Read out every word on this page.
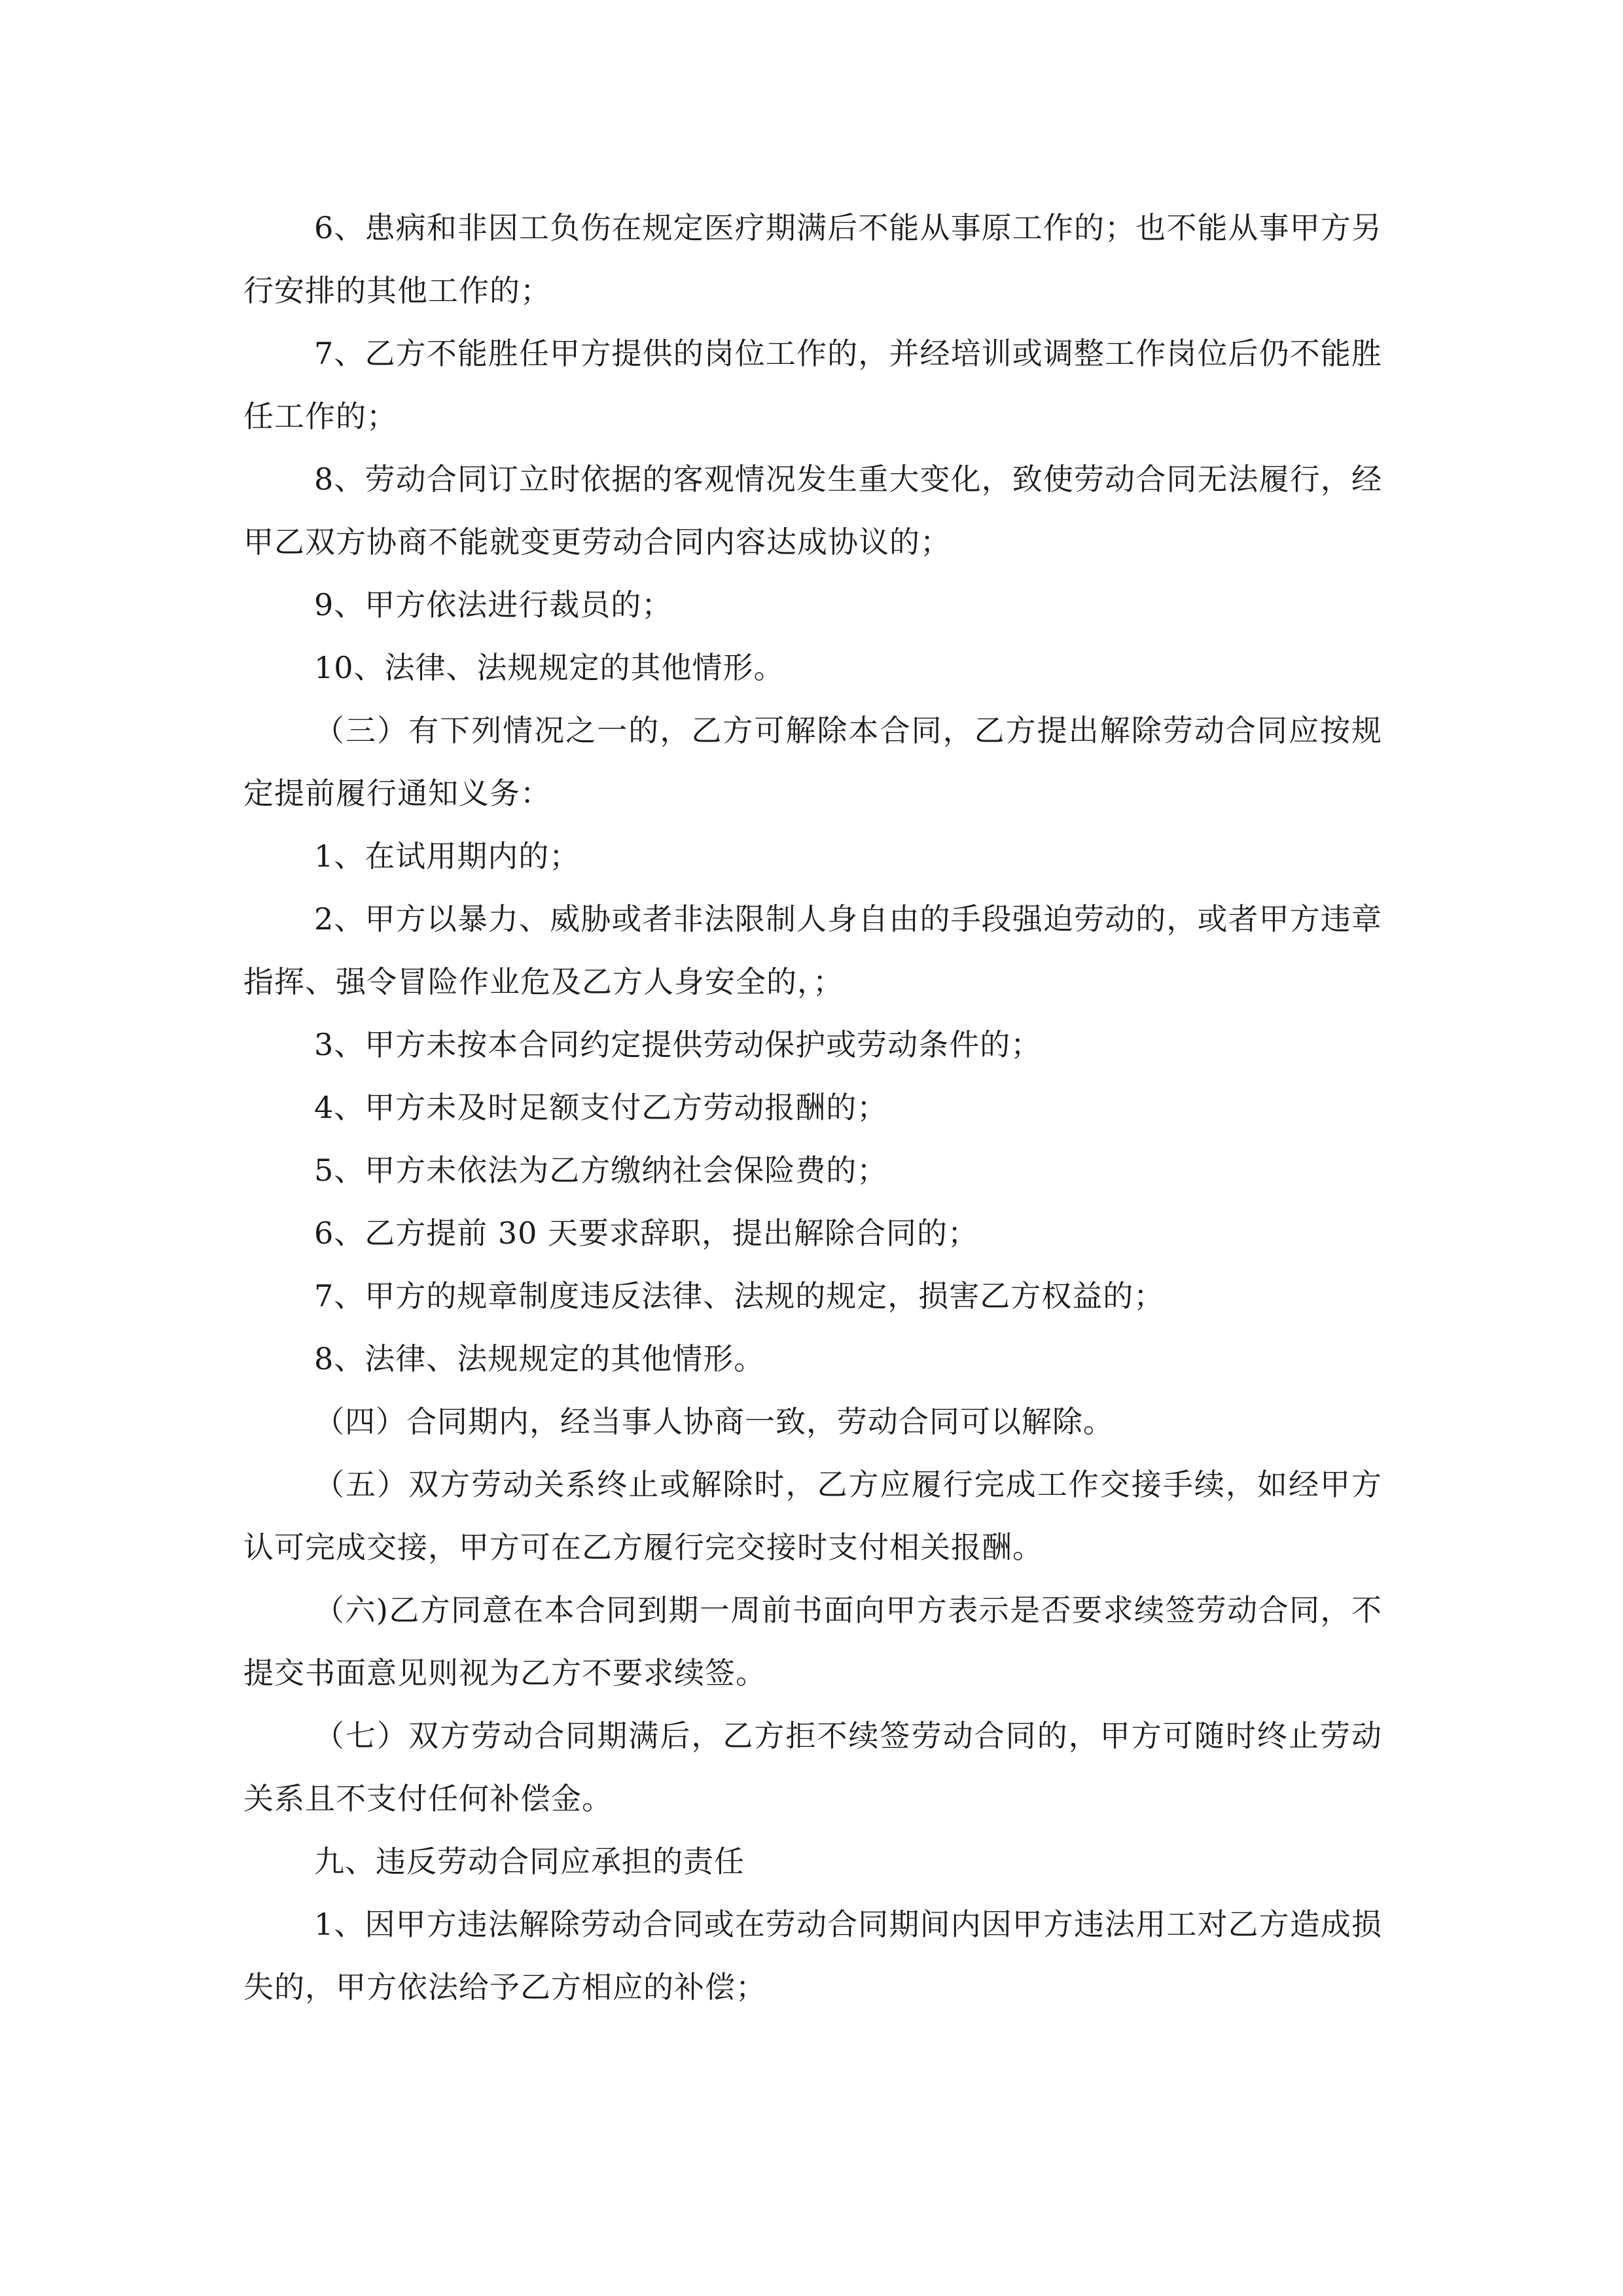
6、患病和非因工负伤在规定医疗期满后不能从事原工作的；也不能从事甲方另行安排的其他工作的；

7、乙方不能胜任甲方提供的岗位工作的，并经培训或调整工作岗位后仍不能胜任工作的；

8、劳动合同订立时依据的客观情况发生重大变化，致使劳动合同无法履行，经甲乙双方协商不能就变更劳动合同内容达成协议的；

9、甲方依法进行裁员的；

10、法律、法规规定的其他情形。

（三）有下列情况之一的，乙方可解除本合同，乙方提出解除劳动合同应按规定提前履行通知义务：

1、在试用期内的；

2、甲方以暴力、威胁或者非法限制人身自由的手段强迫劳动的，或者甲方违章指挥、强令冒险作业危及乙方人身安全的，；

3、甲方未按本合同约定提供劳动保护或劳动条件的；

4、甲方未及时足额支付乙方劳动报酬的；

5、甲方未依法为乙方缴纳社会保险费的；

6、乙方提前 30 天要求辞职，提出解除合同的；

7、甲方的规章制度违反法律、法规的规定，损害乙方权益的；

8、法律、法规规定的其他情形。

（四）合同期内，经当事人协商一致，劳动合同可以解除。

（五）双方劳动关系终止或解除时，乙方应履行完成工作交接手续，如经甲方认可完成交接，甲方可在乙方履行完交接时支付相关报酬。

（六)乙方同意在本合同到期一周前书面向甲方表示是否要求续签劳动合同，不提交书面意见则视为乙方不要求续签。

（七）双方劳动合同期满后，乙方拒不续签劳动合同的，甲方可随时终止劳动关系且不支付任何补偿金。

九、违反劳动合同应承担的责任

1、因甲方违法解除劳动合同或在劳动合同期间内因甲方违法用工对乙方造成损失的，甲方依法给予乙方相应的补偿；
